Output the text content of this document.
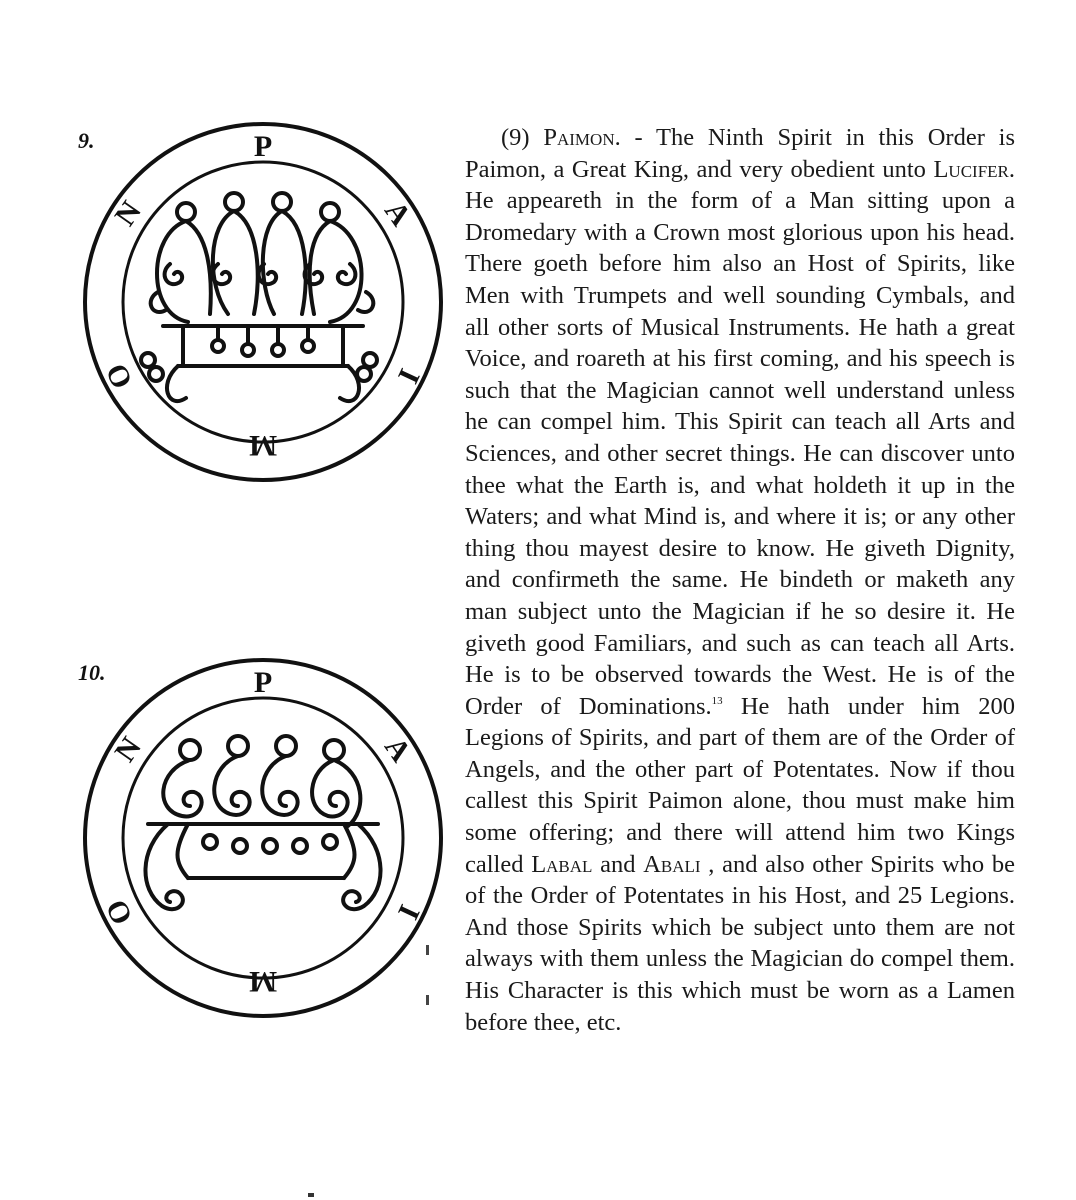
9.	P
A
I
M
O
N
10.	P
A
I
M
O
N

(9) Paimon. - The Ninth Spirit in this Order is Paimon, a Great King, and very obedient unto Lucifer. He appeareth in the form of a Man sitting upon a Dromedary with a Crown most glorious upon his head. There goeth before him also an Host of Spirits, like Men with Trumpets and well sounding Cymbals, and all other sorts of Musical Instruments. He hath a great Voice, and roareth at his first coming, and his speech is such that the Magician cannot well understand unless he can compel him. This Spirit can teach all Arts and Sciences, and other secret things. He can discover unto thee what the Earth is, and what holdeth it up in the Waters; and what Mind is, and where it is; or any other thing thou mayest desire to know. He giveth Dignity, and confirmeth the same. He bindeth or maketh any man subject unto the Magician if he so desire it. He giveth good Familiars, and such as can teach all Arts. He is to be observed towards the West. He is of the Order of Dominations.$^{13}$ He hath under him 200 Legions of Spirits, and part of them are of the Order of Angels, and the other part of Potentates. Now if thou callest this Spirit Paimon alone, thou must make him some offering; and there will attend him two Kings called Labal and Abali , and also other Spirits who be of the Order of Potentates in his Host, and 25 Legions. And those Spirits which be subject unto them are not always with them unless the Magician do compel them. His Character is this which must be worn as a Lamen before thee, etc.
